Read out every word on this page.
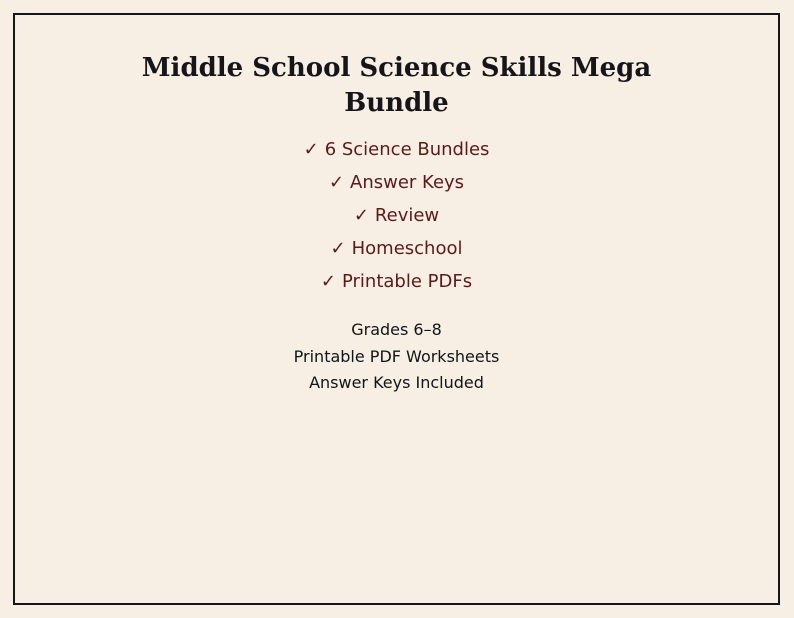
Middle School Science Skills Mega
Bundle
✓ 6 Science Bundles
✓ Answer Keys
✓ Review
✓ Homeschool
✓ Printable PDFs
Grades 6–8
Printable PDF Worksheets
Answer Keys Included
